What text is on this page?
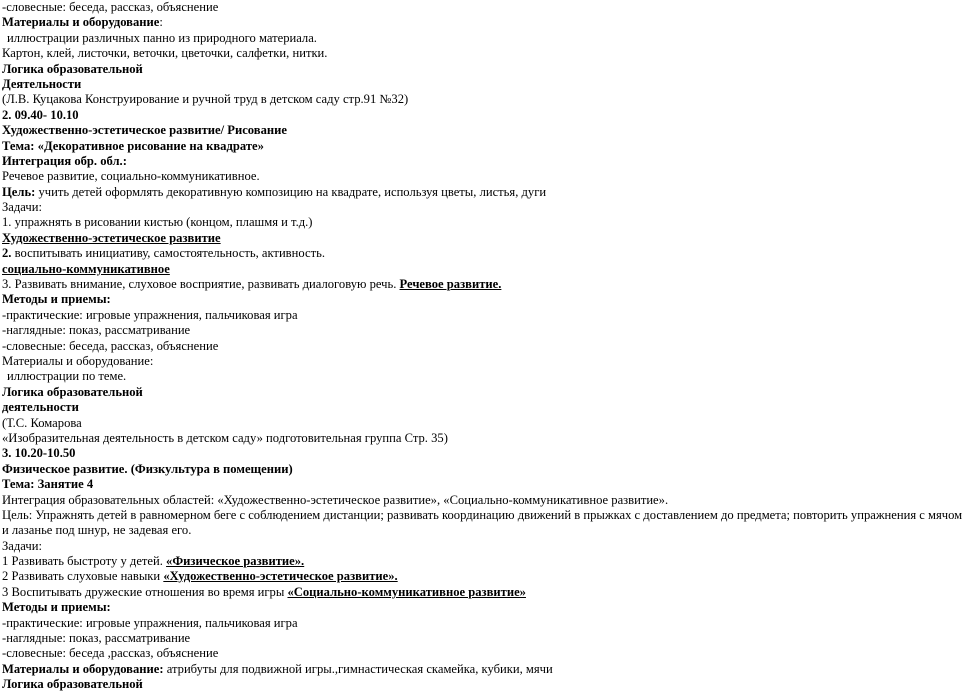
-словесные: беседа, рассказ, объяснение
Материалы и оборудование:
иллюстрации различных панно из природного материала.
Картон, клей, листочки, веточки, цветочки, салфетки, нитки.
Логика образовательной
Деятельности
(Л.В. Куцакова Конструирование и ручной труд в детском саду стр.91 №32)
2. 09.40- 10.10
Художественно-эстетическое развитие/ Рисование
Тема: «Декоративное рисование на квадрате»
Интеграция обр. обл.:
Речевое развитие, социально-коммуникативное.
Цель: учить детей оформлять декоративную композицию на квадрате, используя цветы, листья, дуги
Задачи:
1. упражнять в рисовании кистью (концом, плашмя и т.д.)
Художественно-эстетическое развитие
2. воспитывать инициативу, самостоятельность, активность.
социально-коммуникативное
3. Развивать внимание, слуховое восприятие, развивать диалоговую речь. Речевое развитие.
Методы и приемы:
-практические: игровые упражнения, пальчиковая игра
-наглядные: показ, рассматривание
-словесные: беседа, рассказ, объяснение
Материалы и оборудование:
иллюстрации по теме.
Логика образовательной
деятельности
(Т.С. Комарова
«Изобразительная деятельность в детском саду» подготовительная группа Стр. 35)
3. 10.20-10.50
Физическое развитие. (Физкультура в помещении)
Тема: Занятие 4
Интеграция образовательных областей: «Художественно-эстетическое развитие», «Социально-коммуникативное развитие».
Цель: Упражнять детей в равномерном беге с соблюдением дистанции; развивать координацию движений в прыжках с доставлением до предмета; повторить упражнения с мячом
и лазанье под шнур, не задевая его.
Задачи:
1 Развивать быстроту у детей. «Физическое развитие».
2 Развивать слуховые навыки «Художественно-эстетическое развитие».
3 Воспитывать дружеские отношения во время игры «Социально-коммуникативное развитие»
Методы и приемы:
-практические: игровые упражнения, пальчиковая игра
-наглядные: показ, рассматривание
-словесные: беседа ,рассказ, объяснение
Материалы и оборудование: атрибуты для подвижной игры.,гимнастическая скамейка, кубики, мячи
Логика образовательной
